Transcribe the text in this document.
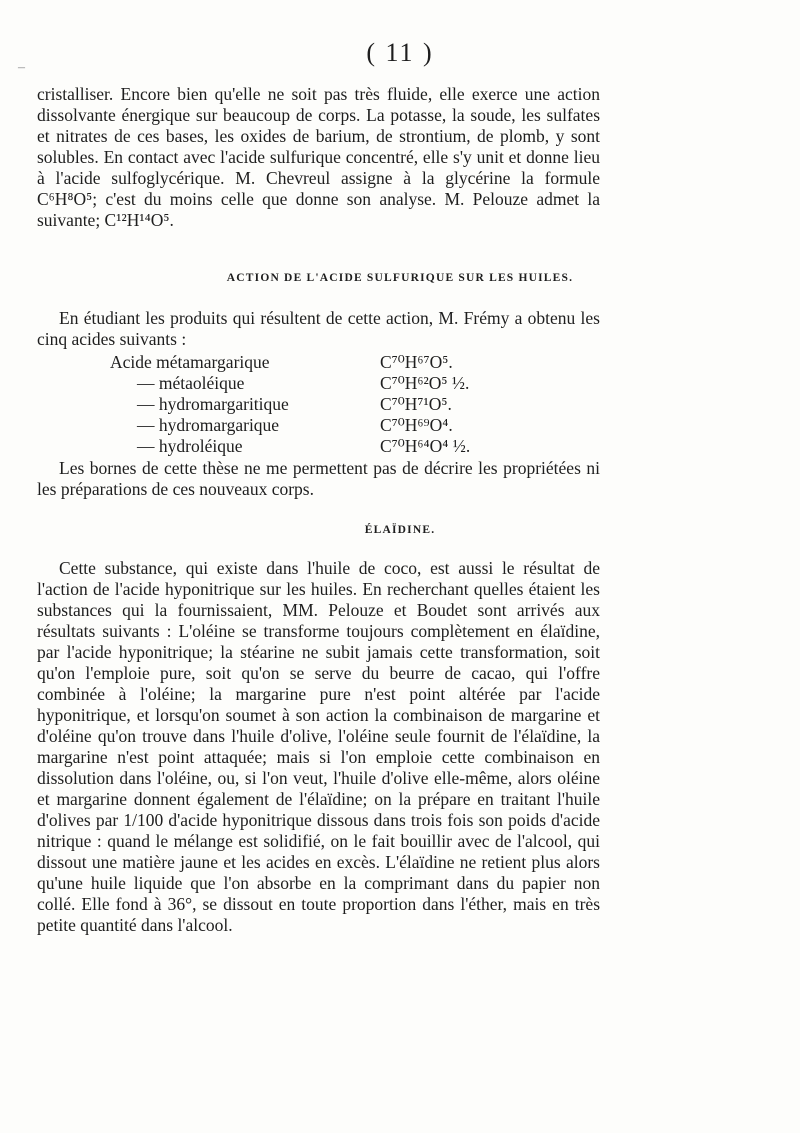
–
( 11 )

cristalliser. Encore bien qu'elle ne soit pas très fluide, elle exerce une action dissolvante énergique sur beaucoup de corps. La potasse, la soude, les sulfates et nitrates de ces bases, les oxides de barium, de strontium, de plomb, y sont solubles. En contact avec l'acide sulfurique concentré, elle s'y unit et donne lieu à l'acide sulfoglycérique. M. Chevreul assigne à la glycérine la formule C⁶H⁸O⁵; c'est du moins celle que donne son analyse. M. Pelouze admet la suivante; C¹²H¹⁴O⁵.

ACTION DE L'ACIDE SULFURIQUE SUR LES HUILES.

En étudiant les produits qui résultent de cette action, M. Frémy a obtenu les cinq acides suivants :

Acide métamargarique	C⁷⁰H⁶⁷O⁵.
— métaoléique	C⁷⁰H⁶²O⁵ ½.
— hydromargaritique	C⁷⁰H⁷¹O⁵.
— hydromargarique	C⁷⁰H⁶⁹O⁴.
— hydroléique	C⁷⁰H⁶⁴O⁴ ½.

Les bornes de cette thèse ne me permettent pas de décrire les propriétées ni les préparations de ces nouveaux corps.

ÉLAÏDINE.

Cette substance, qui existe dans l'huile de coco, est aussi le résultat de l'action de l'acide hyponitrique sur les huiles. En recherchant quelles étaient les substances qui la fournissaient, MM. Pelouze et Boudet sont arrivés aux résultats suivants : L'oléine se transforme toujours complètement en élaïdine, par l'acide hyponitrique; la stéarine ne subit jamais cette transformation, soit qu'on l'emploie pure, soit qu'on se serve du beurre de cacao, qui l'offre combinée à l'oléine; la margarine pure n'est point altérée par l'acide hyponitrique, et lorsqu'on soumet à son action la combinaison de margarine et d'oléine qu'on trouve dans l'huile d'olive, l'oléine seule fournit de l'élaïdine, la margarine n'est point attaquée; mais si l'on emploie cette combinaison en dissolution dans l'oléine, ou, si l'on veut, l'huile d'olive elle-même, alors oléine et margarine donnent également de l'élaïdine; on la prépare en traitant l'huile d'olives par 1/100 d'acide hyponitrique dissous dans trois fois son poids d'acide nitrique : quand le mélange est solidifié, on le fait bouillir avec de l'alcool, qui dissout une matière jaune et les acides en excès. L'élaïdine ne retient plus alors qu'une huile liquide que l'on absorbe en la comprimant dans du papier non collé. Elle fond à 36°, se dissout en toute proportion dans l'éther, mais en très petite quantité dans l'alcool.
